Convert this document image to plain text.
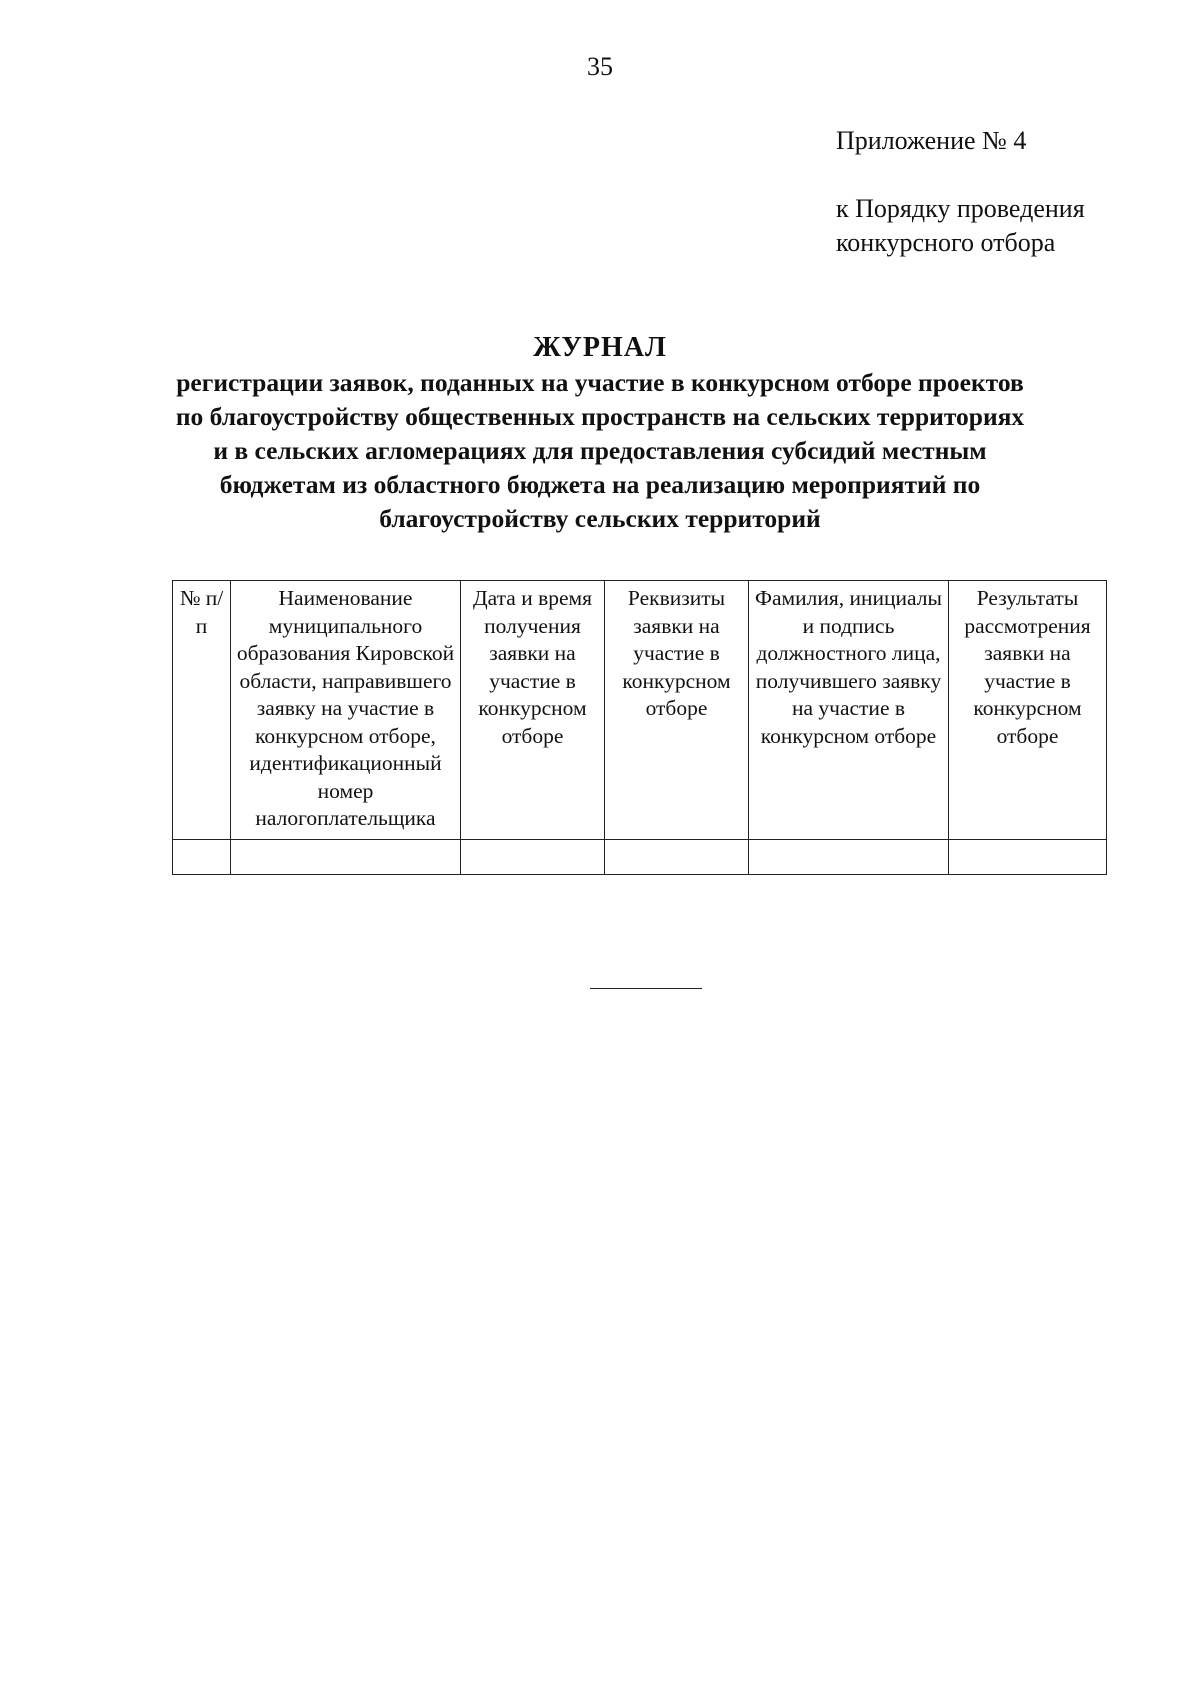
35
Приложение № 4
к Порядку проведения
конкурсного отбора
ЖУРНАЛ
регистрации заявок, поданных на участие в конкурсном отборе проектов
по благоустройству общественных пространств на сельских территориях
и в сельских агломерациях для предоставления субсидий местным
бюджетам из областного бюджета на реализацию мероприятий по
благоустройству сельских территорий
№ п/п	Наименование муниципального образования Кировской области, направившего заявку на участие в конкурсном отборе, идентификационный номер налогоплательщика	Дата и время получения заявки на участие в конкурсном отборе	Реквизиты заявки на участие в конкурсном отборе	Фамилия, инициалы и подпись должностного лица, получившего заявку на участие в конкурсном отборе	Результаты рассмотрения заявки на участие в конкурсном отборе
